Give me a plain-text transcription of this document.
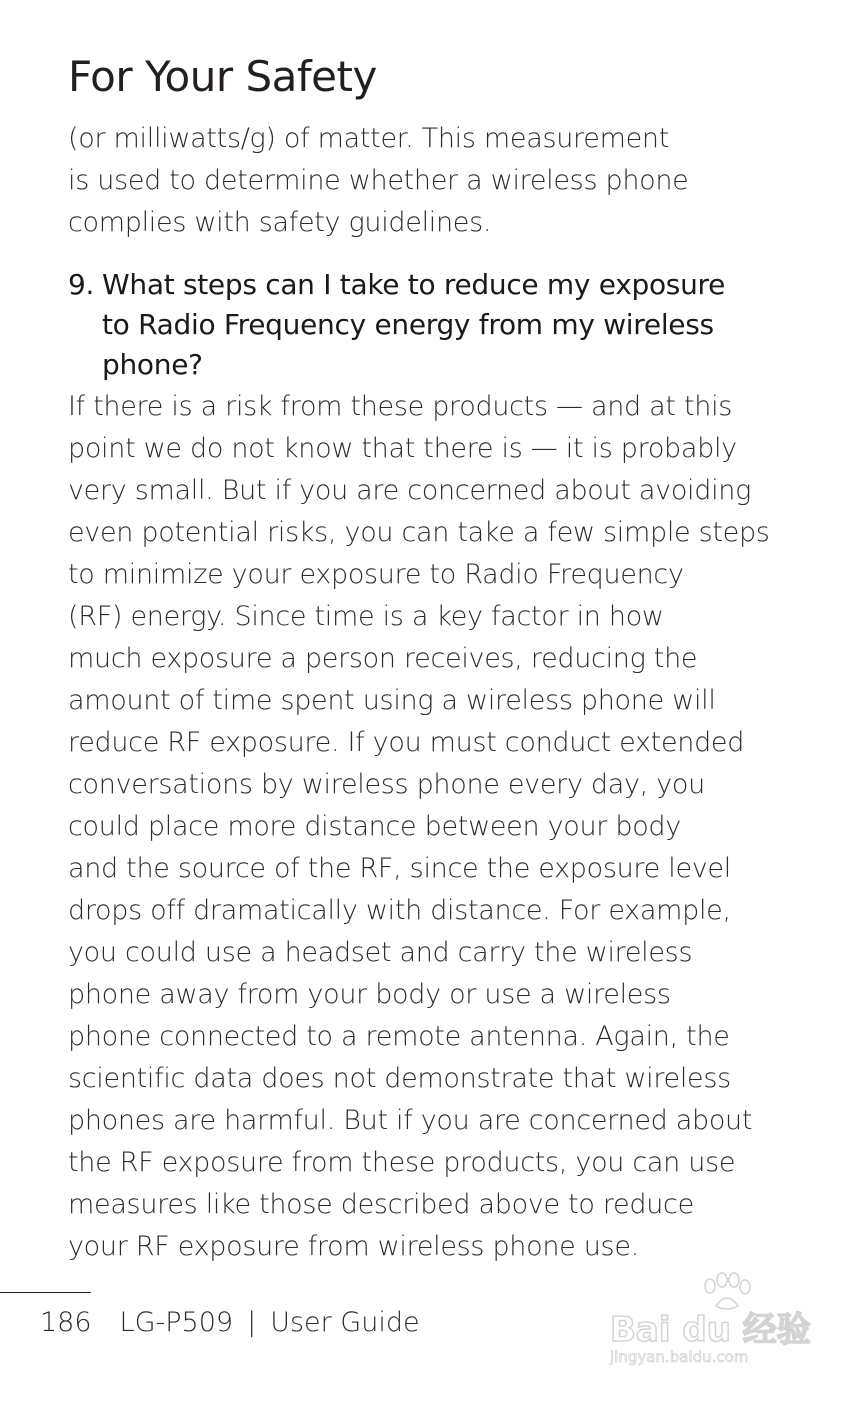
For Your Safety
(or milliwatts/g) of matter. This measurement
is used to determine whether a wireless phone
complies with safety guidelines.
9. What steps can I take to reduce my exposure
to Radio Frequency energy from my wireless
phone?
If there is a risk from these products — and at this
point we do not know that there is — it is probably
very small. But if you are concerned about avoiding
even potential risks, you can take a few simple steps
to minimize your exposure to Radio Frequency
(RF) energy. Since time is a key factor in how
much exposure a person receives, reducing the
amount of time spent using a wireless phone will
reduce RF exposure. If you must conduct extended
conversations by wireless phone every day, you
could place more distance between your body
and the source of the RF, since the exposure level
drops off dramatically with distance. For example,
you could use a headset and carry the wireless
phone away from your body or use a wireless
phone connected to a remote antenna. Again, the
scientific data does not demonstrate that wireless
phones are harmful. But if you are concerned about
the RF exposure from these products, you can use
measures like those described above to reduce
your RF exposure from wireless phone use.
186 LG-P509 | User Guide	Bai du 经验
jingyan.baidu.com
